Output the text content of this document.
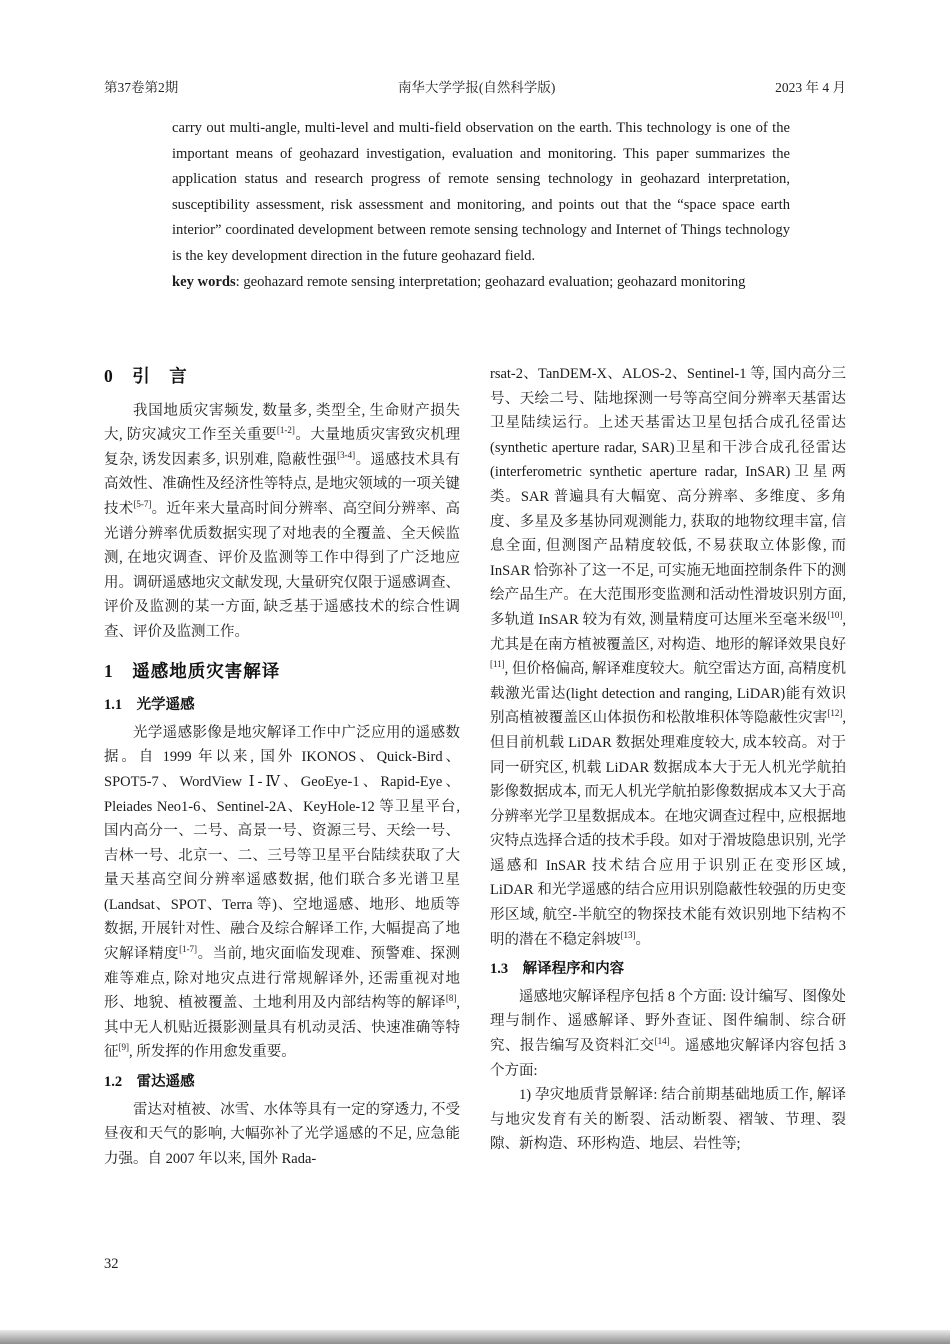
第37卷第2期	南华大学学报(自然科学版)	2023 年 4 月

carry out multi-angle, multi-level and multi-field observation on the earth. This technology is one of the important means of geohazard investigation, evaluation and monitoring. This paper summarizes the application status and research progress of remote sensing technology in geohazard interpretation, susceptibility assessment, risk assessment and monitoring, and points out that the “space space earth interior” coordinated development between remote sensing technology and Internet of Things technology is the key development direction in the future geohazard field.

key words: geohazard remote sensing interpretation; geohazard evaluation; geohazard monitoring

0　引　言

我国地质灾害频发, 数量多, 类型全, 生命财产损失大, 防灾减灾工作至关重要[1-2]。大量地质灾害致灾机理复杂, 诱发因素多, 识别难, 隐蔽性强[3-4]。遥感技术具有高效性、准确性及经济性等特点, 是地灾领域的一项关键技术[5-7]。近年来大量高时间分辨率、高空间分辨率、高光谱分辨率优质数据实现了对地表的全覆盖、全天候监测, 在地灾调查、评价及监测等工作中得到了广泛地应用。调研遥感地灾文献发现, 大量研究仅限于遥感调查、评价及监测的某一方面, 缺乏基于遥感技术的综合性调查、评价及监测工作。

1　遥感地质灾害解译
1.1　光学遥感

光学遥感影像是地灾解译工作中广泛应用的遥感数据。自 1999 年以来, 国外 IKONOS、Quick-Bird、SPOT5-7、WordView Ⅰ-Ⅳ、GeoEye-1、Rapid-Eye、Pleiades Neo1-6、Sentinel-2A、KeyHole-12 等卫星平台, 国内高分一、二号、高景一号、资源三号、天绘一号、吉林一号、北京一、二、三号等卫星平台陆续获取了大量天基高空间分辨率遥感数据, 他们联合多光谱卫星(Landsat、SPOT、Terra 等)、空地遥感、地形、地质等数据, 开展针对性、融合及综合解译工作, 大幅提高了地灾解译精度[1-7]。当前, 地灾面临发现难、预警难、探测难等难点, 除对地灾点进行常规解译外, 还需重视对地形、地貌、植被覆盖、土地利用及内部结构等的解译[8], 其中无人机贴近摄影测量具有机动灵活、快速准确等特征[9], 所发挥的作用愈发重要。

1.2　雷达遥感

雷达对植被、冰雪、水体等具有一定的穿透力, 不受昼夜和天气的影响, 大幅弥补了光学遥感的不足, 应急能力强。自 2007 年以来, 国外 Rada-

rsat-2、TanDEM-X、ALOS-2、Sentinel-1 等, 国内高分三号、天绘二号、陆地探测一号等高空间分辨率天基雷达卫星陆续运行。上述天基雷达卫星包括合成孔径雷达(synthetic aperture radar, SAR)卫星和干涉合成孔径雷达(interferometric synthetic aperture radar, InSAR)卫星两类。SAR 普遍具有大幅宽、高分辨率、多维度、多角度、多星及多基协同观测能力, 获取的地物纹理丰富, 信息全面, 但测图产品精度较低, 不易获取立体影像, 而 InSAR 恰弥补了这一不足, 可实施无地面控制条件下的测绘产品生产。在大范围形变监测和活动性滑坡识别方面, 多轨道 InSAR 较为有效, 测量精度可达厘米至毫米级[10], 尤其是在南方植被覆盖区, 对构造、地形的解译效果良好[11], 但价格偏高, 解译难度较大。航空雷达方面, 高精度机载激光雷达(light detection and ranging, LiDAR)能有效识别高植被覆盖区山体损伤和松散堆积体等隐蔽性灾害[12], 但目前机载 LiDAR 数据处理难度较大, 成本较高。对于同一研究区, 机载 LiDAR 数据成本大于无人机光学航拍影像数据成本, 而无人机光学航拍影像数据成本又大于高分辨率光学卫星数据成本。在地灾调查过程中, 应根据地灾特点选择合适的技术手段。如对于滑坡隐患识别, 光学遥感和 InSAR 技术结合应用于识别正在变形区域, LiDAR 和光学遥感的结合应用识别隐蔽性较强的历史变形区域, 航空-半航空的物探技术能有效识别地下结构不明的潜在不稳定斜坡[13]。

1.3　解译程序和内容

遥感地灾解译程序包括 8 个方面: 设计编写、图像处理与制作、遥感解译、野外查证、图件编制、综合研究、报告编写及资料汇交[14]。遥感地灾解译内容包括 3 个方面:

1) 孕灾地质背景解译: 结合前期基础地质工作, 解译与地灾发育有关的断裂、活动断裂、褶皱、节理、裂隙、新构造、环形构造、地层、岩性等;

32
